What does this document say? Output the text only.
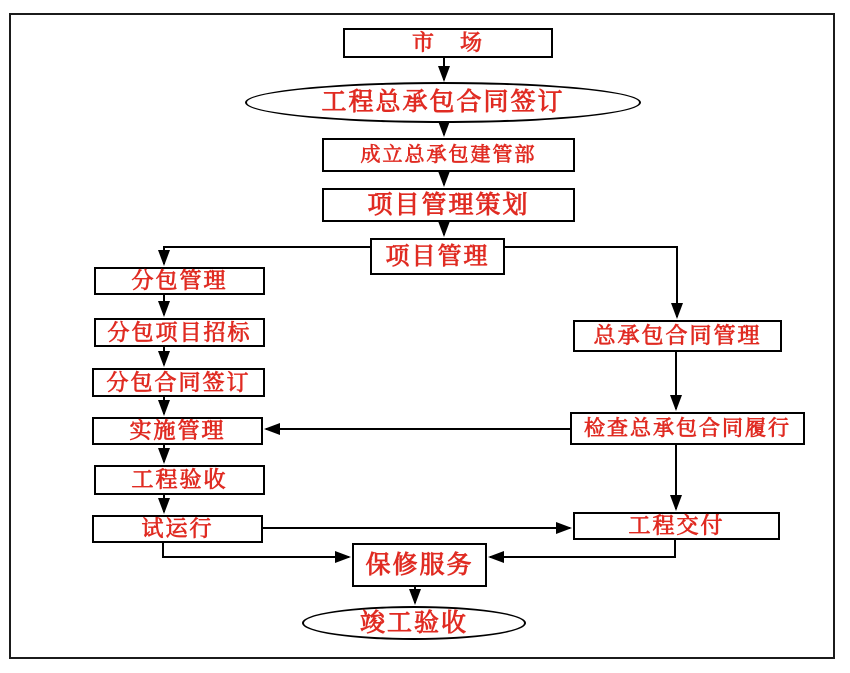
市　场
工程总承包合同签订
成立总承包建管部
项目管理策划
项目管理
分包管理
分包项目招标
分包合同签订
实施管理
工程验收
试运行
总承包合同管理
检查总承包合同履行
工程交付
保修服务
竣工验收
